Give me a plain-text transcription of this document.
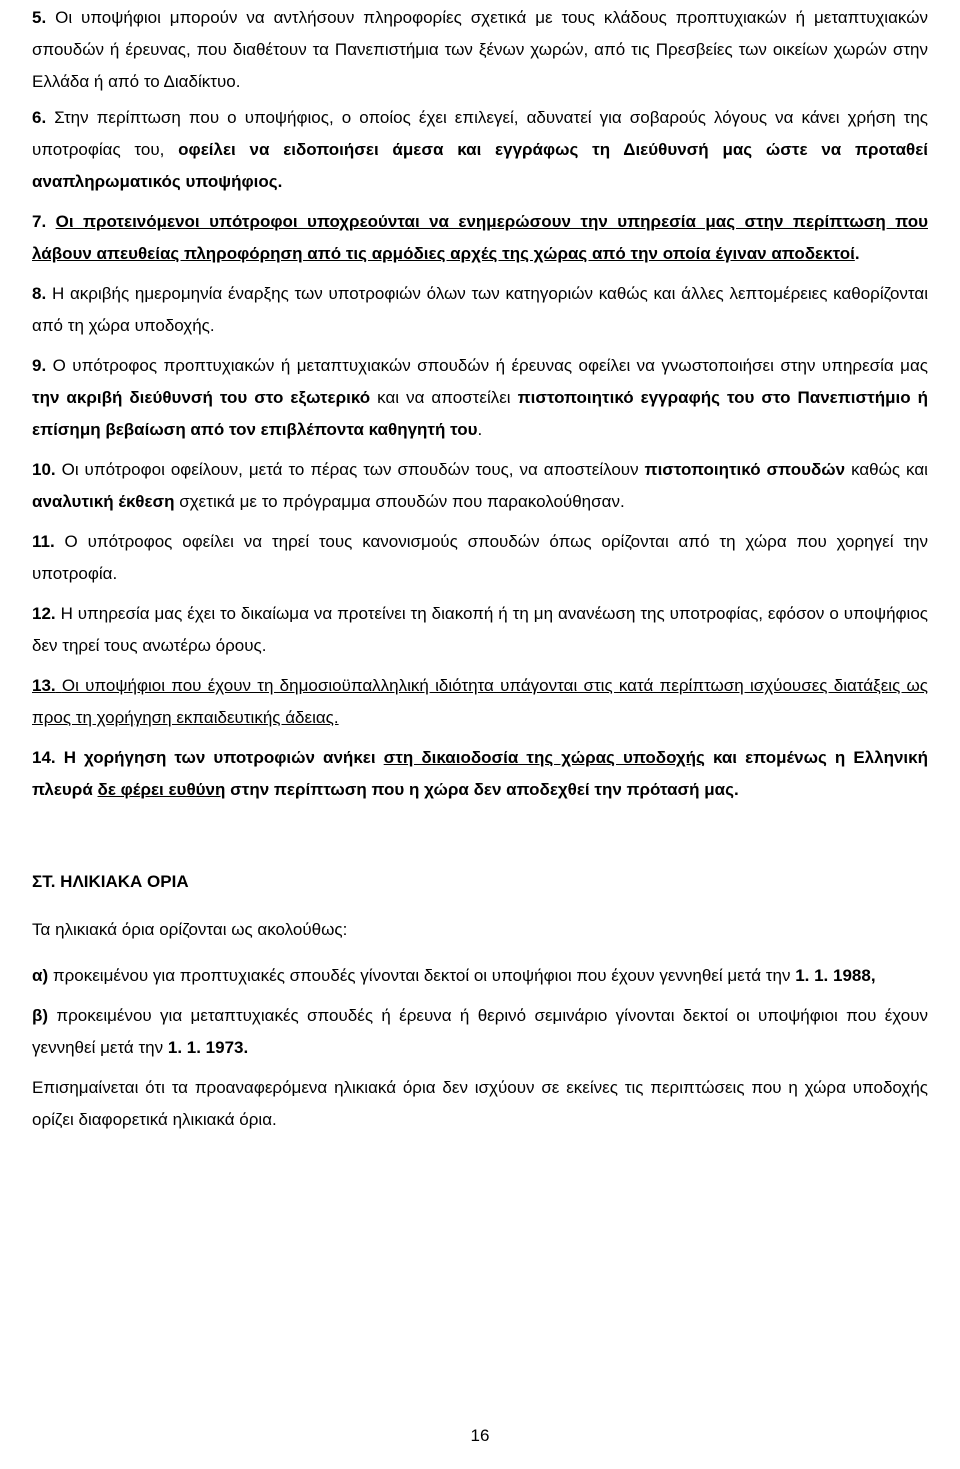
5. Οι υποψήφιοι μπορούν να αντλήσουν πληροφορίες σχετικά με τους κλάδους προπτυχιακών ή μεταπτυχιακών σπουδών ή έρευνας, που διαθέτουν τα Πανεπιστήμια των ξένων χωρών, από τις Πρεσβείες των οικείων χωρών στην Ελλάδα ή από το Διαδίκτυο.

6. Στην περίπτωση που ο υποψήφιος, ο οποίος έχει επιλεγεί, αδυνατεί για σοβαρούς λόγους να κάνει χρήση της υποτροφίας του, οφείλει να ειδοποιήσει άμεσα και εγγράφως τη Διεύθυνσή μας ώστε να προταθεί αναπληρωματικός υποψήφιος.

7. Οι προτεινόμενοι υπότροφοι υποχρεούνται να ενημερώσουν την υπηρεσία μας στην περίπτωση που λάβουν απευθείας πληροφόρηση από τις αρμόδιες αρχές της χώρας από την οποία έγιναν αποδεκτοί.

8. Η ακριβής ημερομηνία έναρξης των υποτροφιών όλων των κατηγοριών καθώς και άλλες λεπτομέρειες καθορίζονται από τη χώρα υποδοχής.

9. Ο υπότροφος προπτυχιακών ή μεταπτυχιακών σπουδών ή έρευνας οφείλει να γνωστοποιήσει στην υπηρεσία μας την ακριβή διεύθυνσή του στο εξωτερικό και να αποστείλει πιστοποιητικό εγγραφής του στο Πανεπιστήμιο ή επίσημη βεβαίωση από τον επιβλέποντα καθηγητή του.

10. Οι υπότροφοι οφείλουν, μετά το πέρας των σπουδών τους, να αποστείλουν πιστοποιητικό σπουδών καθώς και αναλυτική έκθεση σχετικά με το πρόγραμμα σπουδών που παρακολούθησαν.

11. Ο υπότροφος οφείλει να τηρεί τους κανονισμούς σπουδών όπως ορίζονται από τη χώρα που χορηγεί την υποτροφία.

12. Η υπηρεσία μας έχει το δικαίωμα να προτείνει τη διακοπή ή τη μη ανανέωση της υποτροφίας, εφόσον ο υποψήφιος δεν τηρεί τους ανωτέρω όρους.

13. Οι υποψήφιοι που έχουν τη δημοσιοϋπαλληλική ιδιότητα υπάγονται στις κατά περίπτωση ισχύουσες διατάξεις ως προς τη χορήγηση εκπαιδευτικής άδειας.

14. Η χορήγηση των υποτροφιών ανήκει στη δικαιοδοσία της χώρας υποδοχής και επομένως η Ελληνική πλευρά δε φέρει ευθύνη στην περίπτωση που η χώρα δεν αποδεχθεί την πρότασή μας.

ΣΤ. ΗΛΙΚΙΑΚΑ ΟΡΙΑ

Τα ηλικιακά όρια ορίζονται ως ακολούθως:

α) προκειμένου για προπτυχιακές σπουδές γίνονται δεκτοί οι υποψήφιοι που έχουν γεννηθεί μετά την 1. 1. 1988,

β) προκειμένου για μεταπτυχιακές σπουδές ή έρευνα ή θερινό σεμινάριο γίνονται δεκτοί οι υποψήφιοι που έχουν γεννηθεί μετά την 1. 1. 1973.

Επισημαίνεται ότι τα προαναφερόμενα ηλικιακά όρια δεν ισχύουν σε εκείνες τις περιπτώσεις που η χώρα υποδοχής ορίζει διαφορετικά ηλικιακά όρια.

16
